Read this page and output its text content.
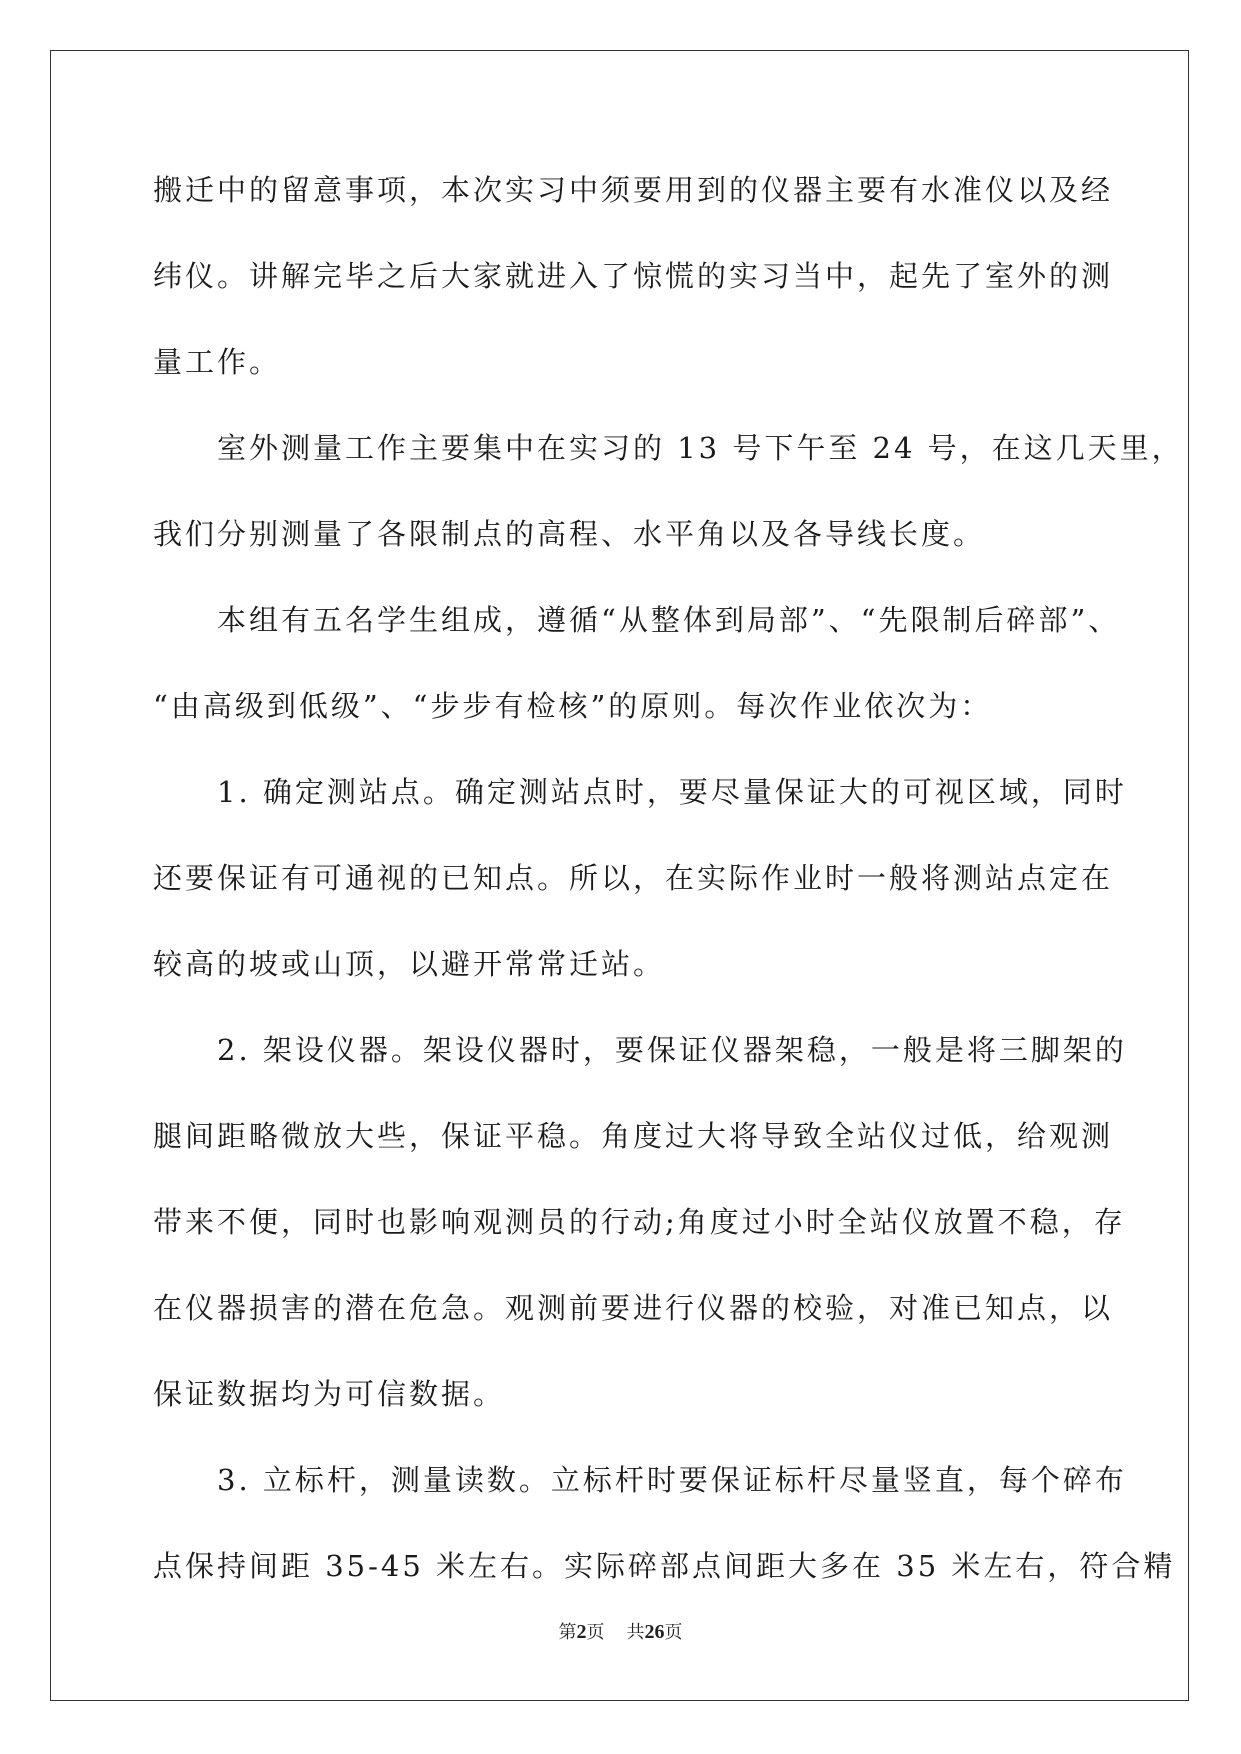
搬迁中的留意事项，本次实习中须要用到的仪器主要有水准仪以及经
纬仪。讲解完毕之后大家就进入了惊慌的实习当中，起先了室外的测
量工作。
　　室外测量工作主要集中在实习的 13 号下午至 24 号，在这几天里，
我们分别测量了各限制点的高程、水平角以及各导线长度。
　　本组有五名学生组成，遵循“从整体到局部”、“先限制后碎部”、
“由高级到低级”、“步步有检核”的原则。每次作业依次为：
　　1. 确定测站点。确定测站点时，要尽量保证大的可视区域，同时
还要保证有可通视的已知点。所以，在实际作业时一般将测站点定在
较高的坡或山顶，以避开常常迁站。
　　2. 架设仪器。架设仪器时，要保证仪器架稳，一般是将三脚架的
腿间距略微放大些，保证平稳。角度过大将导致全站仪过低，给观测
带来不便，同时也影响观测员的行动;角度过小时全站仪放置不稳，存
在仪器损害的潜在危急。观测前要进行仪器的校验，对准已知点，以
保证数据均为可信数据。
　　3. 立标杆，测量读数。立标杆时要保证标杆尽量竖直，每个碎布
点保持间距 35-45 米左右。实际碎部点间距大多在 35 米左右，符合精
第2页 共26页
